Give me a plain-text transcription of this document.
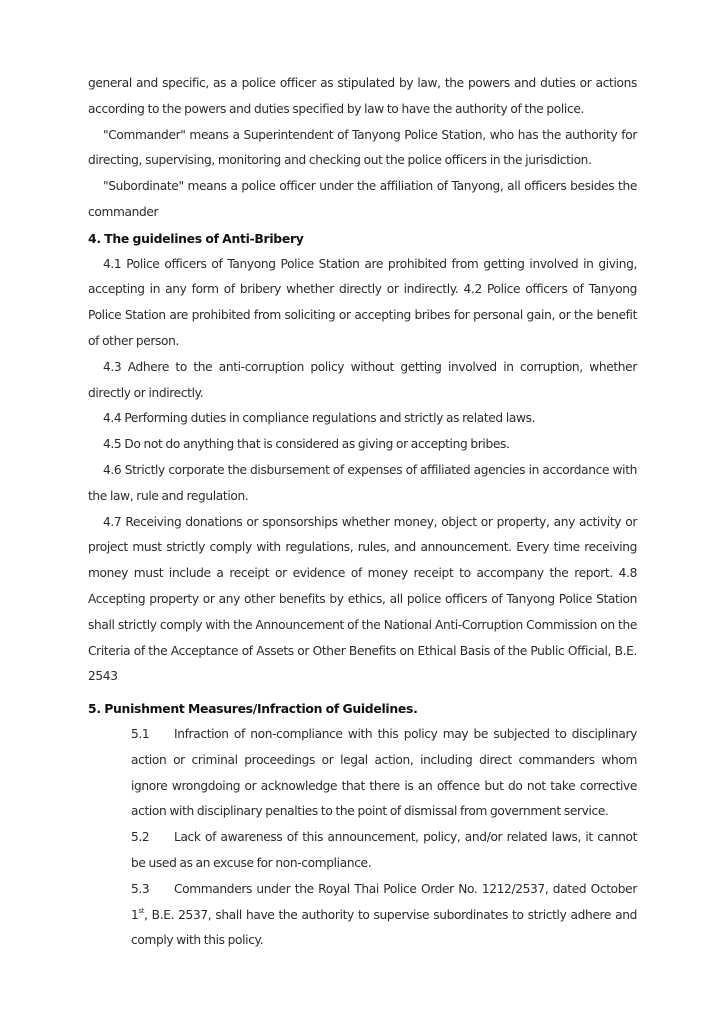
general and specific, as a police officer as stipulated by law, the powers and duties or actions according to the powers and duties specified by law to have the authority of the police.

"Commander" means a Superintendent of Tanyong Police Station, who has the authority for directing, supervising, monitoring and checking out the police officers in the jurisdiction.

"Subordinate" means a police officer under the affiliation of Tanyong, all officers besides the commander

4. The guidelines of Anti-Bribery

4.1 Police officers of Tanyong Police Station are prohibited from getting involved in giving, accepting in any form of bribery whether directly or indirectly. 4.2 Police officers of Tanyong Police Station are prohibited from soliciting or accepting bribes for personal gain, or the benefit of other person.

4.3 Adhere to the anti-corruption policy without getting involved in corruption, whether directly or indirectly.

4.4 Performing duties in compliance regulations and strictly as related laws.

4.5 Do not do anything that is considered as giving or accepting bribes.

4.6 Strictly corporate the disbursement of expenses of affiliated agencies in accordance with the law, rule and regulation.

4.7 Receiving donations or sponsorships whether money, object or property, any activity or project must strictly comply with regulations, rules, and announcement. Every time receiving money must include a receipt or evidence of money receipt to accompany the report. 4.8 Accepting property or any other benefits by ethics, all police officers of Tanyong Police Station shall strictly comply with the Announcement of the National Anti-Corruption Commission on the Criteria of the Acceptance of Assets or Other Benefits on Ethical Basis of the Public Official, B.E. 2543

5. Punishment Measures/Infraction of Guidelines.

5.1 Infraction of non-compliance with this policy may be subjected to disciplinary action or criminal proceedings or legal action, including direct commanders whom ignore wrongdoing or acknowledge that there is an offence but do not take corrective action with disciplinary penalties to the point of dismissal from government service.

5.2 Lack of awareness of this announcement, policy, and/or related laws, it cannot be used as an excuse for non-compliance.

5.3 Commanders under the Royal Thai Police Order No. 1212/2537, dated October 1st, B.E. 2537, shall have the authority to supervise subordinates to strictly adhere and comply with this policy.
